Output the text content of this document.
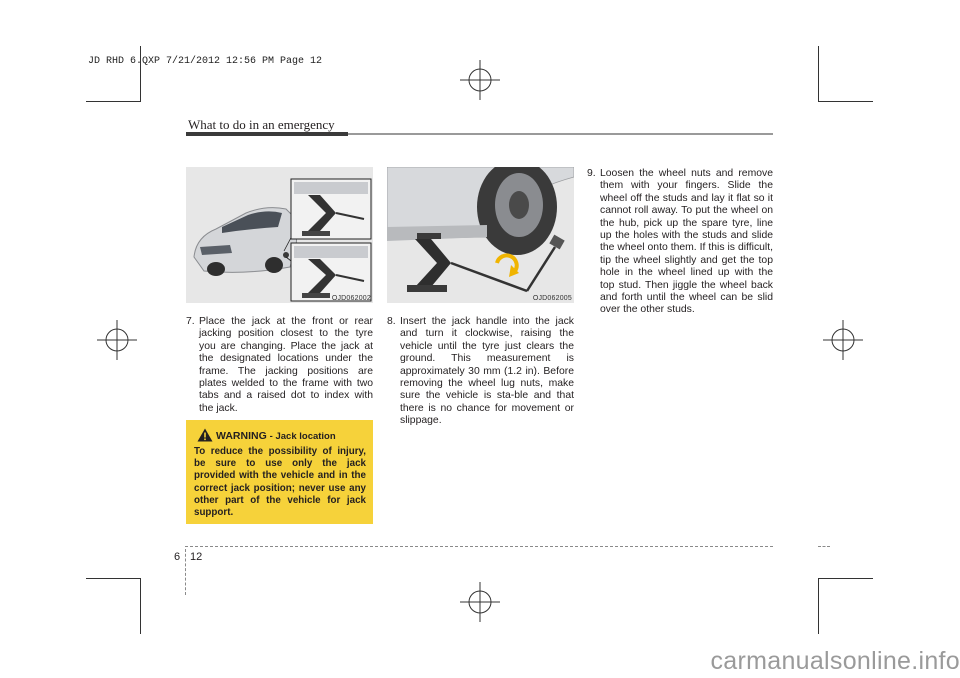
JD RHD 6.QXP 7/21/2012 12:56 PM Page 12
What to do in an emergency
OJD062002	OJD062005
7. Place the jack at the front or rear jacking position closest to the tyre you are changing. Place the jack at the designated locations under the frame. The jacking positions are plates welded to the frame with two tabs and a raised dot to index with the jack.
8. Insert the jack handle into the jack and turn it clockwise, raising the vehicle until the tyre just clears the ground. This measurement is approximately 30 mm (1.2 in). Before removing the wheel lug nuts, make sure the vehicle is sta-ble and that there is no chance for movement or slippage.
9. Loosen the wheel nuts and remove them with your fingers. Slide the wheel off the studs and lay it flat so it cannot roll away. To put the wheel on the hub, pick up the spare tyre, line up the holes with the studs and slide the wheel onto them. If this is difficult, tip the wheel slightly and get the top hole in the wheel lined up with the top stud. Then jiggle the wheel back and forth until the wheel can be slid over the other studs.
WARNING - Jack location
To reduce the possibility of injury, be sure to use only the jack provided with the vehicle and in the correct jack position; never use any other part of the vehicle for jack support.
6 12
carmanualsonline.info
